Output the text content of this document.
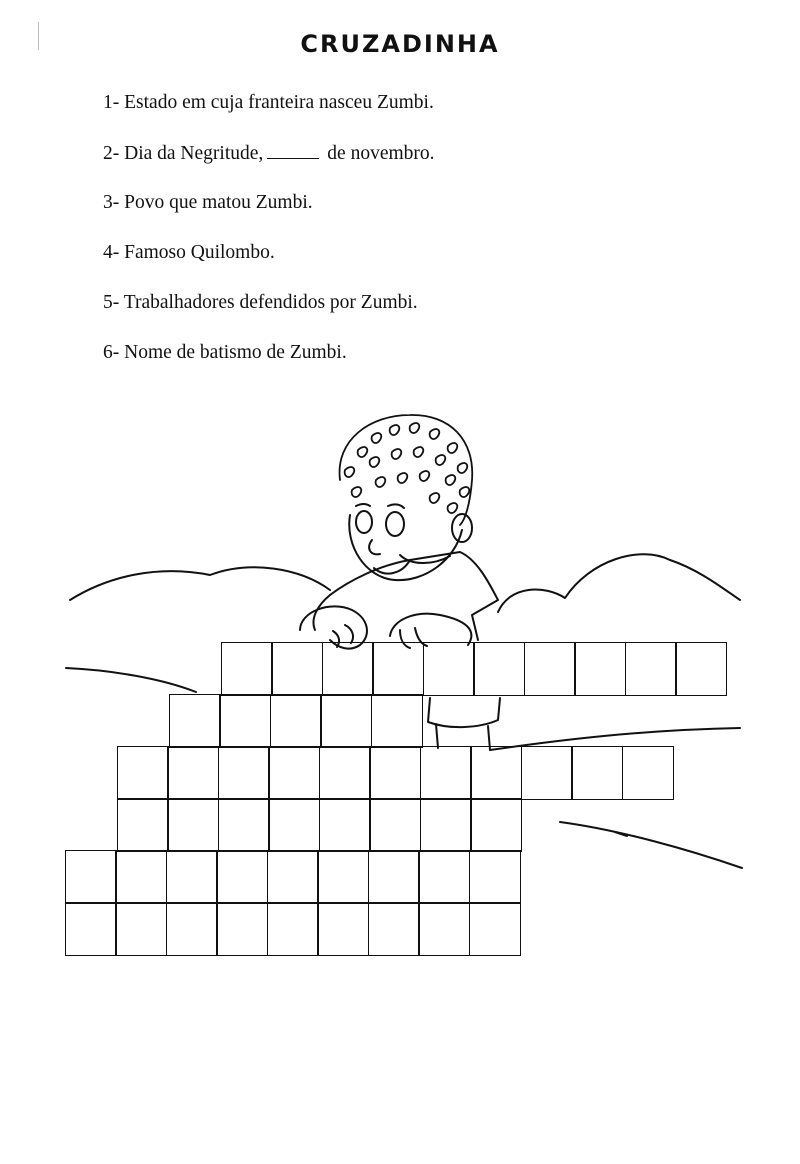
CRUZADINHA
1 - Estado em cuja franteira nasceu Zumbi.
2 - Dia da Negritude,	de novembro.
3 - Povo que matou Zumbi.
4 - Famoso Quilombo.
5 - Trabalhadores defendidos por Zumbi.
6 - Nome de batismo de Zumbi.
